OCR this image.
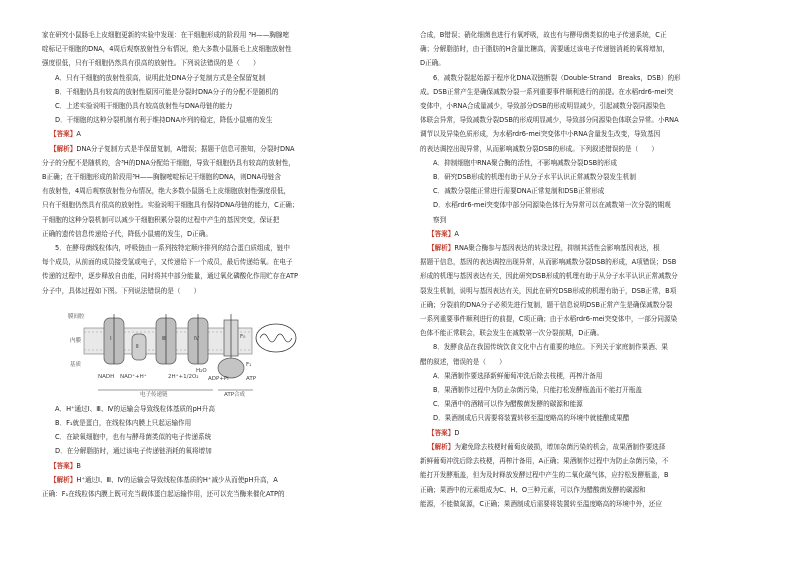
家在研究小鼠肠毛上皮细胞更新的实验中发现：在干细胞形成的阶段用 ³H——胸腺嘧

啶标记干细胞的DNA，4周后观察放射性分布情况，绝大多数小鼠肠毛上皮细胞放射性

强度很低，只有干细胞仍然具有很高的放射性。下列说法错误的是（　　）

A．只有干细胞的放射性很高，说明此处DNA分子复制方式是全保留复制

B．干细胞仍具有较高的放射性原因可能是分裂时DNA分子的分配不是随机的

C．上述实验说明干细胞仍具有较高放射性与DNA母链的能力

D．干细胞的这种分裂机制有利于维持DNA序列的稳定，降低小鼠癌的发生

【答案】A

【解析】DNA分子复制方式是半保留复制，A错误；据题干信息可推知，分裂时DNA

分子的分配不是随机的，含³H的DNA分配给干细胞，导致干细胞仍具有较高的放射性，

B正确；在干细胞形成的阶段用³H——胸腺嘧啶标记干细胞的DNA，则DNA母链含

有放射性，4周后观察放射性分布情况，绝大多数小鼠肠毛上皮细胞放射性强度很低，

只有干细胞仍然具有很高的放射性。实验说明干细胞具有保持DNA母链的能力，C正确；

干细胞的这种分裂机制可以减少干细胞积累分裂的过程中产生的基因突变，保证把

正确的遗传信息传递给子代，降低小鼠癌的发生，D正确。

5．在酵母菌线粒体内，呼吸链由一系列按特定顺序排列的结合蛋白质组成，链中

每个成员，从前面的成员接受氢或电子，又传递给下一个成员，最后传递给氧。在电子

传递的过程中，逐步释放自由能，同时将其中部分能量，通过氧化磷酸化作用贮存在ATP

分子中，具体过程如下图。下列说法错误的是（　　）

膜间腔
内膜
基质
Ⅰ
Ⅱ
Ⅲ	Ⅳ
NADH NAD⁺+H⁺	2H⁺+1/2O₂
H₂O
ADP+Pi	ATP
F₀
F₁
电子传递链	ATP合成

A．H⁺通过Ⅰ、Ⅲ、Ⅳ的运输会导致线粒体基质的pH升高

B．F₁就是蛋白，在线粒体内膜上只起运输作用

C．在缺氧细胞中，也有与酵母菌类似的电子传递系统

D．在分解脂肪时，通过该电子传递链消耗的氧将增加

【答案】B

【解析】H⁺通过Ⅰ、Ⅲ、Ⅳ的运输会导致线粒体基质的H⁺减少从而使pH升高，A

正确：F₁在线粒体内膜上既可充当载体蛋白起运输作用，还可以充当酶来催化ATP的

合成，B错误；硝化细菌也进行有氧呼吸，故也有与酵母菌类似的电子传递系统，C正

确；分解脂肪时，由于脂肪的H含量比糖高，需要通过该电子传递链消耗的氧将增加，

D正确。

6．减数分裂起始源于程序化DNA双链断裂（Double-Strand　Breaks，DSB）的形

成。DSB正常产生是确保减数分裂一系列重要事件顺利进行的前提。在水稻rdr6-mei突

变体中，小RNA合成量减少，导致部分DSB的形成明显减少，引起减数分裂同源染色

体联会异常，导致减数分裂DSB的形成明显减少，导致部分同源染色体联会异常。小RNA

调节以及异染色质形成，为水稻rdr6-mei突变体中小RNA含量发生改变，导致基因

的表达调控出现异常，从而影响减数分裂DSB的形成。下列叙述错误的是（　　）

A．抑制细胞中RNA聚合酶的活性，不影响减数分裂DSB的形成

B．研究DSB形成的机理有助于从分子水平认识正常减数分裂发生机制

C．减数分裂能正常进行需要DNA正常复制和DSB正常形成

D．水稻rdr6-mei突变体中部分同源染色体行为异常可以在减数第一次分裂的期观

察到

【答案】A

【解析】RNA聚合酶参与基因表达的转录过程，抑制其活性会影响基因表达，根

据题干信息，基因的表达调控出现异常，从而影响减数分裂DSB的形成，A项错误；DSB

形成的机理与基因表达有关，因此研究DSB形成的机理有助于从分子水平认识正常减数分

裂发生机制，说明与基因表达有关，因此在研究DSB形成的机理有助于，DSB正常，B项

正确；分裂前的DNA分子必须先进行复制，题干信息说明DSB正常产生是确保减数分裂

一系列重要事件顺利进行的前提，C项正确；由于水稻rdr6-mei突变体中，一部分同源染

色体不能正常联会，联会发生在减数第一次分裂前期，D正确。

8．发酵食品在我国传统饮食文化中占有重要的地位。下列关于家庭制作果酒、果

醋的叙述，错误的是（　　）

A．果酒制作要选择新鲜葡萄冲洗后除去枝梗，再榨汁备用

B．果酒制作过程中为防止杂菌污染，只能打松发酵瓶盖而不能打开瓶盖

C．果酒中的酒精可以作为醋酸菌发酵的碳源和能源

D．果酒制成后只需要将装置转移至温度略高的环境中就能酿成果醋

【答案】D

【解析】为避免除去枝梗时葡萄皮破损，增加杂菌污染的机会，故果酒制作要选择

新鲜葡萄冲洗后除去枝梗，再榨汁备用，A正确；果酒制作过程中为防止杂菌污染，不

能打开发酵瓶盖，但为及时释放发酵过程中产生的二氧化碳气体，应拧松发酵瓶盖，B

正确；果酒中的元素组成为C、H、O三种元素，可以作为醋酸菌发酵的碳源和

能源，不能做氮源，C正确；果酒制成后需要将装置转至温度略高的环境中外，还应
